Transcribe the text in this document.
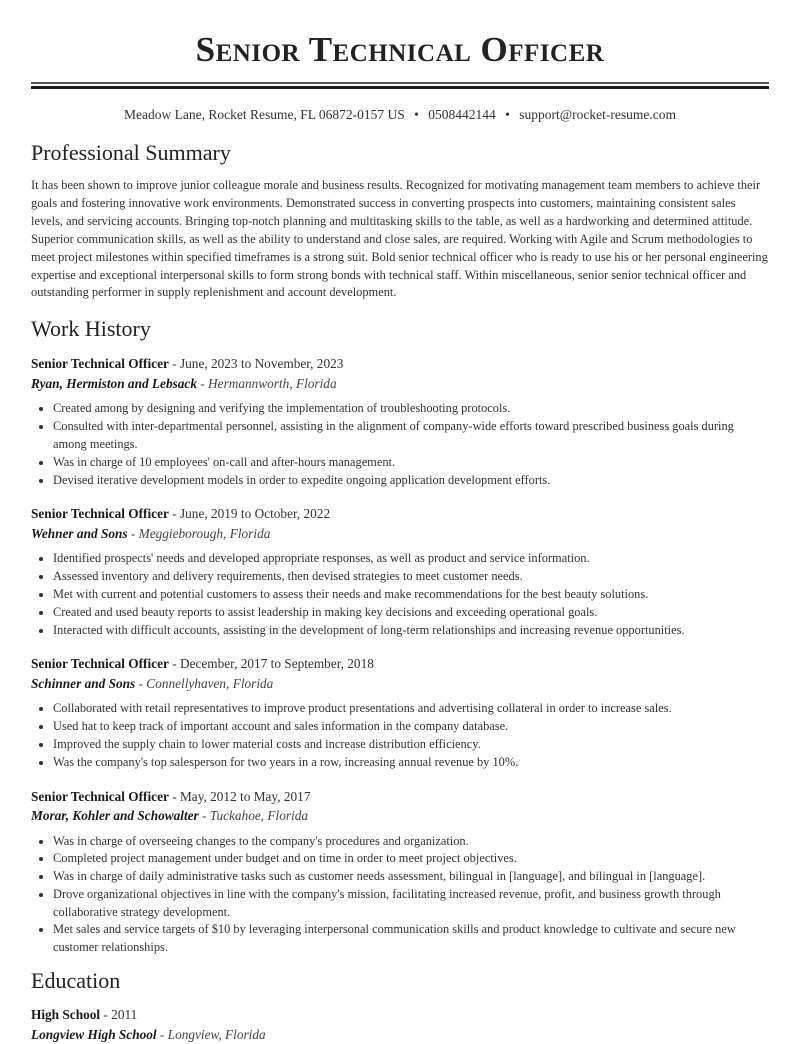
Senior Technical Officer
Meadow Lane, Rocket Resume, FL 06872-0157 US • 0508442144 • support@rocket-resume.com
Professional Summary

It has been shown to improve junior colleague morale and business results. Recognized for motivating management team members to achieve their goals and fostering innovative work environments. Demonstrated success in converting prospects into customers, maintaining consistent sales levels, and servicing accounts. Bringing top-notch planning and multitasking skills to the table, as well as a hardworking and determined attitude. Superior communication skills, as well as the ability to understand and close sales, are required. Working with Agile and Scrum methodologies to meet project milestones within specified timeframes is a strong suit. Bold senior technical officer who is ready to use his or her personal engineering expertise and exceptional interpersonal skills to form strong bonds with technical staff. Within miscellaneous, senior senior technical officer and outstanding performer in supply replenishment and account development.

Work History
Senior Technical Officer - June, 2023 to November, 2023
Ryan, Hermiston and Lebsack - Hermannworth, Florida
• Created among by designing and verifying the implementation of troubleshooting protocols.
• Consulted with inter-departmental personnel, assisting in the alignment of company-wide efforts toward prescribed business goals during among meetings.
• Was in charge of 10 employees' on-call and after-hours management.
• Devised iterative development models in order to expedite ongoing application development efforts.
Senior Technical Officer - June, 2019 to October, 2022
Wehner and Sons - Meggieborough, Florida
• Identified prospects' needs and developed appropriate responses, as well as product and service information.
• Assessed inventory and delivery requirements, then devised strategies to meet customer needs.
• Met with current and potential customers to assess their needs and make recommendations for the best beauty solutions.
• Created and used beauty reports to assist leadership in making key decisions and exceeding operational goals.
• Interacted with difficult accounts, assisting in the development of long-term relationships and increasing revenue opportunities.
Senior Technical Officer - December, 2017 to September, 2018
Schinner and Sons - Connellyhaven, Florida
• Collaborated with retail representatives to improve product presentations and advertising collateral in order to increase sales.
• Used hat to keep track of important account and sales information in the company database.
• Improved the supply chain to lower material costs and increase distribution efficiency.
• Was the company's top salesperson for two years in a row, increasing annual revenue by 10%.
Senior Technical Officer - May, 2012 to May, 2017
Morar, Kohler and Schowalter - Tuckahoe, Florida
• Was in charge of overseeing changes to the company's procedures and organization.
• Completed project management under budget and on time in order to meet project objectives.
• Was in charge of daily administrative tasks such as customer needs assessment, bilingual in [language], and bilingual in [language].
• Drove organizational objectives in line with the company's mission, facilitating increased revenue, profit, and business growth through collaborative strategy development.
• Met sales and service targets of $10 by leveraging interpersonal communication skills and product knowledge to cultivate and secure new customer relationships.
Education
High School - 2011
Longview High School - Longview, Florida
